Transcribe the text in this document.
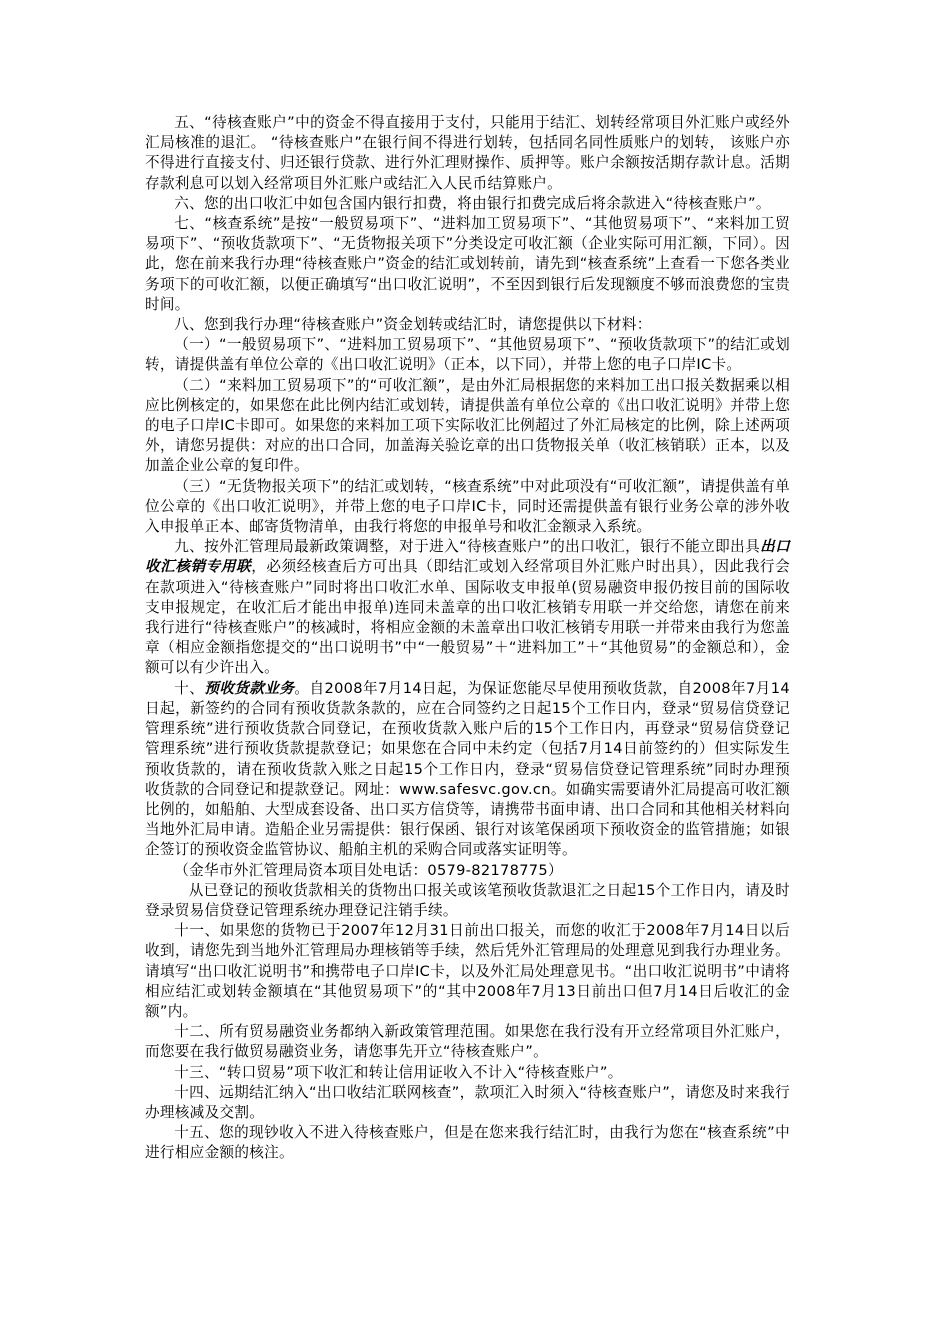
五、“待核查账户”中的资金不得直接用于支付，只能用于结汇、划转经常项目外汇账户或经外汇局核准的退汇。 “待核查账户”在银行间不得进行划转，包括同名同性质账户的划转， 该账户亦不得进行直接支付、归还银行贷款、进行外汇理财操作、质押等。账户余额按活期存款计息。活期存款利息可以划入经常项目外汇账户或结汇入人民币结算账户。

六、您的出口收汇中如包含国内银行扣费，将由银行扣费完成后将余款进入“待核查账户”。

七、“核查系统”是按“一般贸易项下”、“进料加工贸易项下”、“其他贸易项下”、“来料加工贸易项下”、“预收货款项下”、“无货物报关项下”分类设定可收汇额（企业实际可用汇额，下同）。因此，您在前来我行办理“待核查账户”资金的结汇或划转前，请先到“核查系统”上查看一下您各类业务项下的可收汇额，以便正确填写“出口收汇说明”，不至因到银行后发现额度不够而浪费您的宝贵时间。

八、您到我行办理“待核查账户”资金划转或结汇时，请您提供以下材料：

（一）“一般贸易项下”、“进料加工贸易项下”、“其他贸易项下”、“预收货款项下”的结汇或划转，请提供盖有单位公章的《出口收汇说明》（正本，以下同），并带上您的电子口岸IC卡。

（二）“来料加工贸易项下”的“可收汇额”，是由外汇局根据您的来料加工出口报关数据乘以相应比例核定的，如果您在此比例内结汇或划转，请提供盖有单位公章的《出口收汇说明》并带上您的电子口岸IC卡即可。如果您的来料加工项下实际收汇比例超过了外汇局核定的比例，除上述两项外，请您另提供：对应的出口合同，加盖海关验讫章的出口货物报关单（收汇核销联）正本，以及加盖企业公章的复印件。

（三）“无货物报关项下”的结汇或划转，“核查系统”中对此项没有“可收汇额”，请提供盖有单位公章的《出口收汇说明》，并带上您的电子口岸IC卡，同时还需提供盖有银行业务公章的涉外收入申报单正本、邮寄货物清单，由我行将您的申报单号和收汇金额录入系统。

九、按外汇管理局最新政策调整，对于进入“待核查账户”的出口收汇，银行不能立即出具出口收汇核销专用联，必须经核查后方可出具（即结汇或划入经常项目外汇账户时出具），因此我行会在款项进入“待核查账户”同时将出口收汇水单、国际收支申报单(贸易融资申报仍按目前的国际收支申报规定，在收汇后才能出申报单)连同未盖章的出口收汇核销专用联一并交给您，请您在前来我行进行“待核查账户”的核减时，将相应金额的未盖章出口收汇核销专用联一并带来由我行为您盖章（相应金额指您提交的“出口说明书”中“一般贸易”＋“进料加工”＋“其他贸易”的金额总和），金额可以有少许出入。

十、预收货款业务。自2008年7月14日起，为保证您能尽早使用预收货款，自2008年7月14日起，新签约的合同有预收货款条款的，应在合同签约之日起15个工作日内，登录“贸易信贷登记管理系统”进行预收货款合同登记，在预收货款入账户后的15个工作日内，再登录“贸易信贷登记管理系统”进行预收货款提款登记；如果您在合同中未约定（包括7月14日前签约的）但实际发生预收货款的，请在预收货款入账之日起15个工作日内，登录“贸易信贷登记管理系统”同时办理预收货款的合同登记和提款登记。网址：www.safesvc.gov.cn。如确实需要请外汇局提高可收汇额比例的，如船舶、大型成套设备、出口买方信贷等，请携带书面申请、出口合同和其他相关材料向当地外汇局申请。造船企业另需提供：银行保函、银行对该笔保函项下预收资金的监管措施；如银企签订的预收资金监管协议、船舶主机的采购合同或落实证明等。

（金华市外汇管理局资本项目处电话：0579-82178775）

从已登记的预收货款相关的货物出口报关或该笔预收货款退汇之日起15个工作日内，请及时登录贸易信贷登记管理系统办理登记注销手续。

十一、如果您的货物已于2007年12月31日前出口报关，而您的收汇于2008年7月14日以后收到，请您先到当地外汇管理局办理核销等手续，然后凭外汇管理局的处理意见到我行办理业务。请填写“出口收汇说明书”和携带电子口岸IC卡，以及外汇局处理意见书。“出口收汇说明书”中请将相应结汇或划转金额填在“其他贸易项下”的“其中2008年7月13日前出口但7月14日后收汇的金额”内。

十二、所有贸易融资业务都纳入新政策管理范围。如果您在我行没有开立经常项目外汇账户，而您要在我行做贸易融资业务，请您事先开立“待核查账户”。

十三、“转口贸易”项下收汇和转让信用证收入不计入“待核查账户”。

十四、远期结汇纳入“出口收结汇联网核查”，款项汇入时须入“待核查账户”，请您及时来我行办理核减及交割。

十五、您的现钞收入不进入待核查账户，但是在您来我行结汇时，由我行为您在“核查系统”中进行相应金额的核注。
